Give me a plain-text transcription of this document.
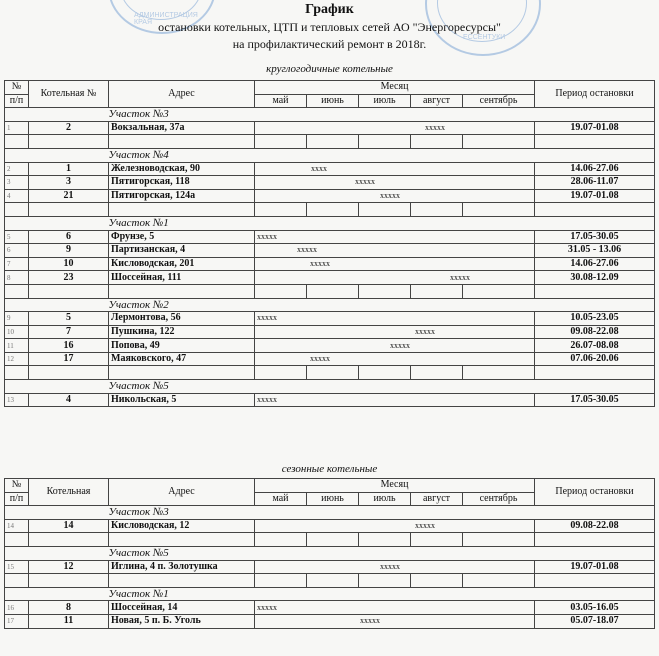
АДМИНИСТРАЦИЯ КРАЯ
ЕССЕНТУКИ
График
остановки котельных, ЦТП и тепловых сетей АО "Энергоресурсы"
на профилактический ремонт в 2018г.
круглогодичные котельные
№	Котельная №	Адрес	Месяц					Период остановки
п/п			май	июнь	июль	август	сентябрь	
		Участок №3						
1	2	Вокзальная, 37а	xxxxx					19.07-01.08

		Участок №4						
2	1	Железноводская, 90	xxxx					14.06-27.06
3	3	Пятигорская, 118	xxxxx					28.06-11.07
4	21	Пятигорская, 124а	xxxxx					19.07-01.08

		Участок №1						
5	6	Фрунзе, 5	xxxxx					17.05-30.05
6	9	Партизанская, 4	xxxxx					31.05 - 13.06
7	10	Кисловодская, 201	xxxxx					14.06-27.06
8	23	Шоссейная, 111	xxxxx					30.08-12.09

		Участок №2						
9	5	Лермонтова, 56	xxxxx					10.05-23.05
10	7	Пушкина, 122	xxxxx					09.08-22.08
11	16	Попова, 49	xxxxx					26.07-08.08
12	17	Маяковского, 47	xxxxx					07.06-20.06

		Участок №5						
13	4	Никольская, 5	xxxxx					17.05-30.05
сезонные котельные
№	Котельная	Адрес	Месяц					Период остановки
п/п			май	июнь	июль	август	сентябрь	
		Участок №3						
14	14	Кисловодская, 12	xxxxx					09.08-22.08

		Участок №5						
15	12	Иглина, 4 п. Золотушка	xxxxx					19.07-01.08

		Участок №1						
16	8	Шоссейная, 14	xxxxx					03.05-16.05
17	11	Новая, 5 п. Б. Уголь	xxxxx					05.07-18.07
